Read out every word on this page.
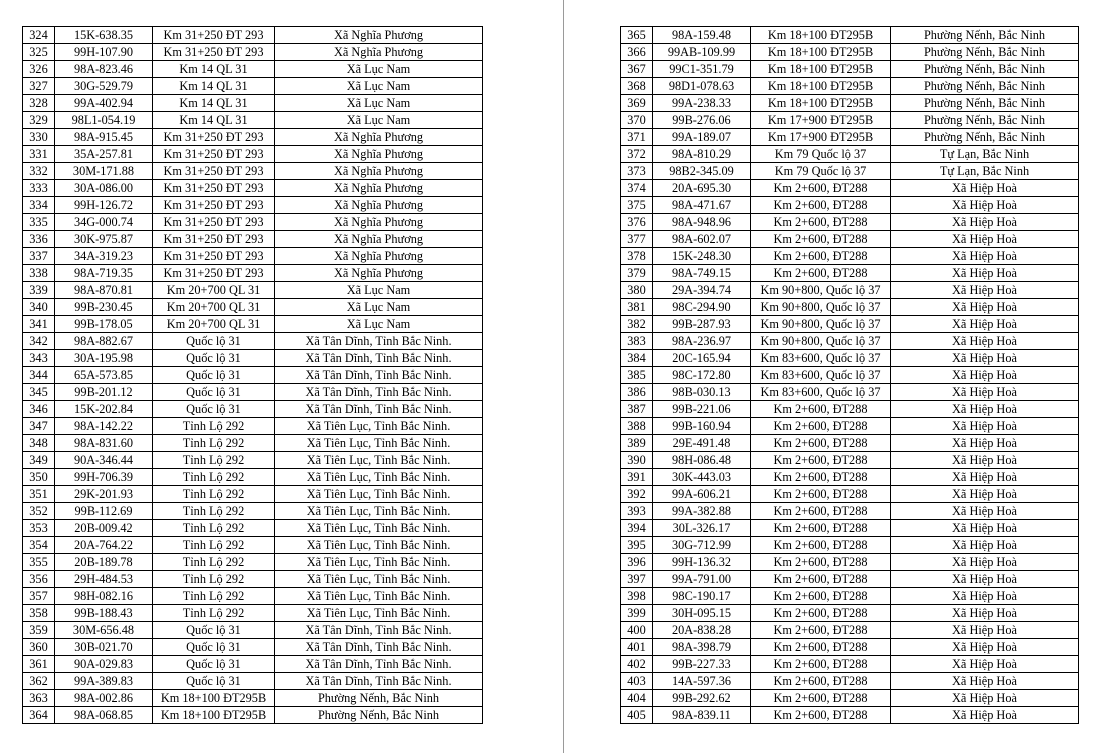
324	15K-638.35	Km 31+250 ĐT 293	Xã Nghĩa Phương
325	99H-107.90	Km 31+250 ĐT 293	Xã Nghĩa Phương
326	98A-823.46	Km 14 QL 31	Xã Lục Nam
327	30G-529.79	Km 14 QL 31	Xã Lục Nam
328	99A-402.94	Km 14 QL 31	Xã Lục Nam
329	98L1-054.19	Km 14 QL 31	Xã Lục Nam
330	98A-915.45	Km 31+250 ĐT 293	Xã Nghĩa Phương
331	35A-257.81	Km 31+250 ĐT 293	Xã Nghĩa Phương
332	30M-171.88	Km 31+250 ĐT 293	Xã Nghĩa Phương
333	30A-086.00	Km 31+250 ĐT 293	Xã Nghĩa Phương
334	99H-126.72	Km 31+250 ĐT 293	Xã Nghĩa Phương
335	34G-000.74	Km 31+250 ĐT 293	Xã Nghĩa Phương
336	30K-975.87	Km 31+250 ĐT 293	Xã Nghĩa Phương
337	34A-319.23	Km 31+250 ĐT 293	Xã Nghĩa Phương
338	98A-719.35	Km 31+250 ĐT 293	Xã Nghĩa Phương
339	98A-870.81	Km 20+700 QL 31	Xã Lục Nam
340	99B-230.45	Km 20+700 QL 31	Xã Lục Nam
341	99B-178.05	Km 20+700 QL 31	Xã Lục Nam
342	98A-882.67	Quốc lộ 31	Xã Tân Dĩnh, Tỉnh Bắc Ninh.
343	30A-195.98	Quốc lộ 31	Xã Tân Dĩnh, Tỉnh Bắc Ninh.
344	65A-573.85	Quốc lộ 31	Xã Tân Dĩnh, Tỉnh Bắc Ninh.
345	99B-201.12	Quốc lộ 31	Xã Tân Dĩnh, Tỉnh Bắc Ninh.
346	15K-202.84	Quốc lộ 31	Xã Tân Dĩnh, Tỉnh Bắc Ninh.
347	98A-142.22	Tỉnh Lộ 292	Xã Tiên Lục, Tỉnh Bắc Ninh.
348	98A-831.60	Tỉnh Lộ 292	Xã Tiên Lục, Tỉnh Bắc Ninh.
349	90A-346.44	Tỉnh Lộ 292	Xã Tiên Lục, Tỉnh Bắc Ninh.
350	99H-706.39	Tỉnh Lộ 292	Xã Tiên Lục, Tỉnh Bắc Ninh.
351	29K-201.93	Tỉnh Lộ 292	Xã Tiên Lục, Tỉnh Bắc Ninh.
352	99B-112.69	Tỉnh Lộ 292	Xã Tiên Lục, Tỉnh Bắc Ninh.
353	20B-009.42	Tỉnh Lộ 292	Xã Tiên Lục, Tỉnh Bắc Ninh.
354	20A-764.22	Tỉnh Lộ 292	Xã Tiên Lục, Tỉnh Bắc Ninh.
355	20B-189.78	Tỉnh Lộ 292	Xã Tiên Lục, Tỉnh Bắc Ninh.
356	29H-484.53	Tỉnh Lộ 292	Xã Tiên Lục, Tỉnh Bắc Ninh.
357	98H-082.16	Tỉnh Lộ 292	Xã Tiên Lục, Tỉnh Bắc Ninh.
358	99B-188.43	Tỉnh Lộ 292	Xã Tiên Lục, Tỉnh Bắc Ninh.
359	30M-656.48	Quốc lộ 31	Xã Tân Dĩnh, Tỉnh Bắc Ninh.
360	30B-021.70	Quốc lộ 31	Xã Tân Dĩnh, Tỉnh Bắc Ninh.
361	90A-029.83	Quốc lộ 31	Xã Tân Dĩnh, Tỉnh Bắc Ninh.
362	99A-389.83	Quốc lộ 31	Xã Tân Dĩnh, Tỉnh Bắc Ninh.
363	98A-002.86	Km 18+100 ĐT295B	Phường Nếnh, Bắc Ninh
364	98A-068.85	Km 18+100 ĐT295B	Phường Nếnh, Bắc Ninh
365	98A-159.48	Km 18+100 ĐT295B	Phường Nếnh, Bắc Ninh
366	99AB-109.99	Km 18+100 ĐT295B	Phường Nếnh, Bắc Ninh
367	99C1-351.79	Km 18+100 ĐT295B	Phường Nếnh, Bắc Ninh
368	98D1-078.63	Km 18+100 ĐT295B	Phường Nếnh, Bắc Ninh
369	99A-238.33	Km 18+100 ĐT295B	Phường Nếnh, Bắc Ninh
370	99B-276.06	Km 17+900 ĐT295B	Phường Nếnh, Bắc Ninh
371	99A-189.07	Km 17+900 ĐT295B	Phường Nếnh, Bắc Ninh
372	98A-810.29	Km 79 Quốc lộ 37	Tự Lạn, Bắc Ninh
373	98B2-345.09	Km 79 Quốc lộ 37	Tự Lạn, Bắc Ninh
374	20A-695.30	Km 2+600, ĐT288	Xã Hiệp Hoà
375	98A-471.67	Km 2+600, ĐT288	Xã Hiệp Hoà
376	98A-948.96	Km 2+600, ĐT288	Xã Hiệp Hoà
377	98A-602.07	Km 2+600, ĐT288	Xã Hiệp Hoà
378	15K-248.30	Km 2+600, ĐT288	Xã Hiệp Hoà
379	98A-749.15	Km 2+600, ĐT288	Xã Hiệp Hoà
380	29A-394.74	Km 90+800, Quốc lộ 37	Xã Hiệp Hoà
381	98C-294.90	Km 90+800, Quốc lộ 37	Xã Hiệp Hoà
382	99B-287.93	Km 90+800, Quốc lộ 37	Xã Hiệp Hoà
383	98A-236.97	Km 90+800, Quốc lộ 37	Xã Hiệp Hoà
384	20C-165.94	Km 83+600, Quốc lộ 37	Xã Hiệp Hoà
385	98C-172.80	Km 83+600, Quốc lộ 37	Xã Hiệp Hoà
386	98B-030.13	Km 83+600, Quốc lộ 37	Xã Hiệp Hoà
387	99B-221.06	Km 2+600, ĐT288	Xã Hiệp Hoà
388	99B-160.94	Km 2+600, ĐT288	Xã Hiệp Hoà
389	29E-491.48	Km 2+600, ĐT288	Xã Hiệp Hoà
390	98H-086.48	Km 2+600, ĐT288	Xã Hiệp Hoà
391	30K-443.03	Km 2+600, ĐT288	Xã Hiệp Hoà
392	99A-606.21	Km 2+600, ĐT288	Xã Hiệp Hoà
393	99A-382.88	Km 2+600, ĐT288	Xã Hiệp Hoà
394	30L-326.17	Km 2+600, ĐT288	Xã Hiệp Hoà
395	30G-712.99	Km 2+600, ĐT288	Xã Hiệp Hoà
396	99H-136.32	Km 2+600, ĐT288	Xã Hiệp Hoà
397	99A-791.00	Km 2+600, ĐT288	Xã Hiệp Hoà
398	98C-190.17	Km 2+600, ĐT288	Xã Hiệp Hoà
399	30H-095.15	Km 2+600, ĐT288	Xã Hiệp Hoà
400	20A-838.28	Km 2+600, ĐT288	Xã Hiệp Hoà
401	98A-398.79	Km 2+600, ĐT288	Xã Hiệp Hoà
402	99B-227.33	Km 2+600, ĐT288	Xã Hiệp Hoà
403	14A-597.36	Km 2+600, ĐT288	Xã Hiệp Hoà
404	99B-292.62	Km 2+600, ĐT288	Xã Hiệp Hoà
405	98A-839.11	Km 2+600, ĐT288	Xã Hiệp Hoà
